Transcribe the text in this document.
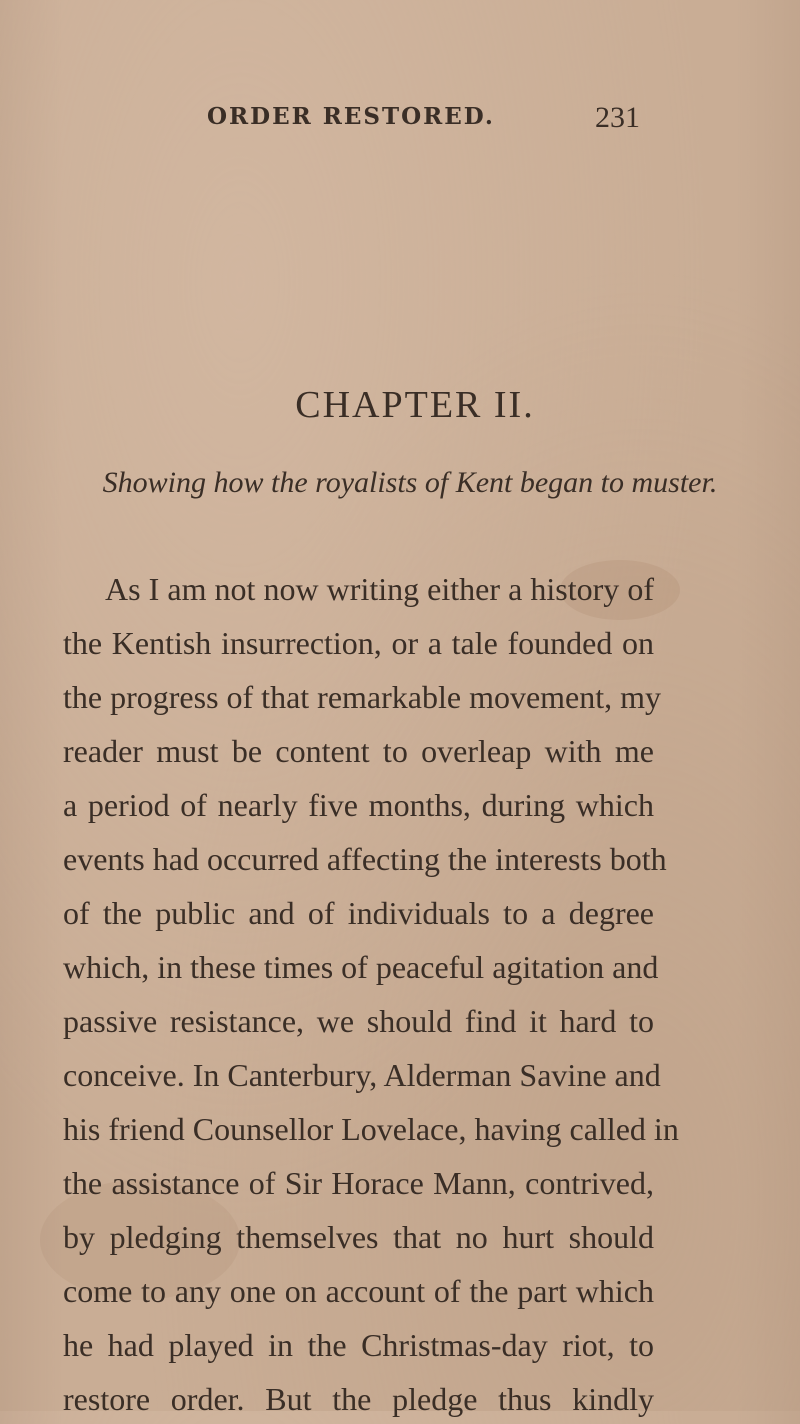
ORDER RESTORED.	231
CHAPTER II.
Showing how the royalists of Kent began to muster.
As I am not now writing either a history of
the Kentish insurrection, or a tale founded on
the progress of that remarkable movement, my
reader must be content to overleap with me
a period of nearly five months, during which
events had occurred affecting the interests both
of the public and of individuals to a degree
which, in these times of peaceful agitation and
passive resistance, we should find it hard to
conceive. In Canterbury, Alderman Savine and
his friend Counsellor Lovelace, having called in
the assistance of Sir Horace Mann, contrived,
by pledging themselves that no hurt should
come to any one on account of the part which
he had played in the Christmas-day riot, to
restore order. But the pledge thus kindly
